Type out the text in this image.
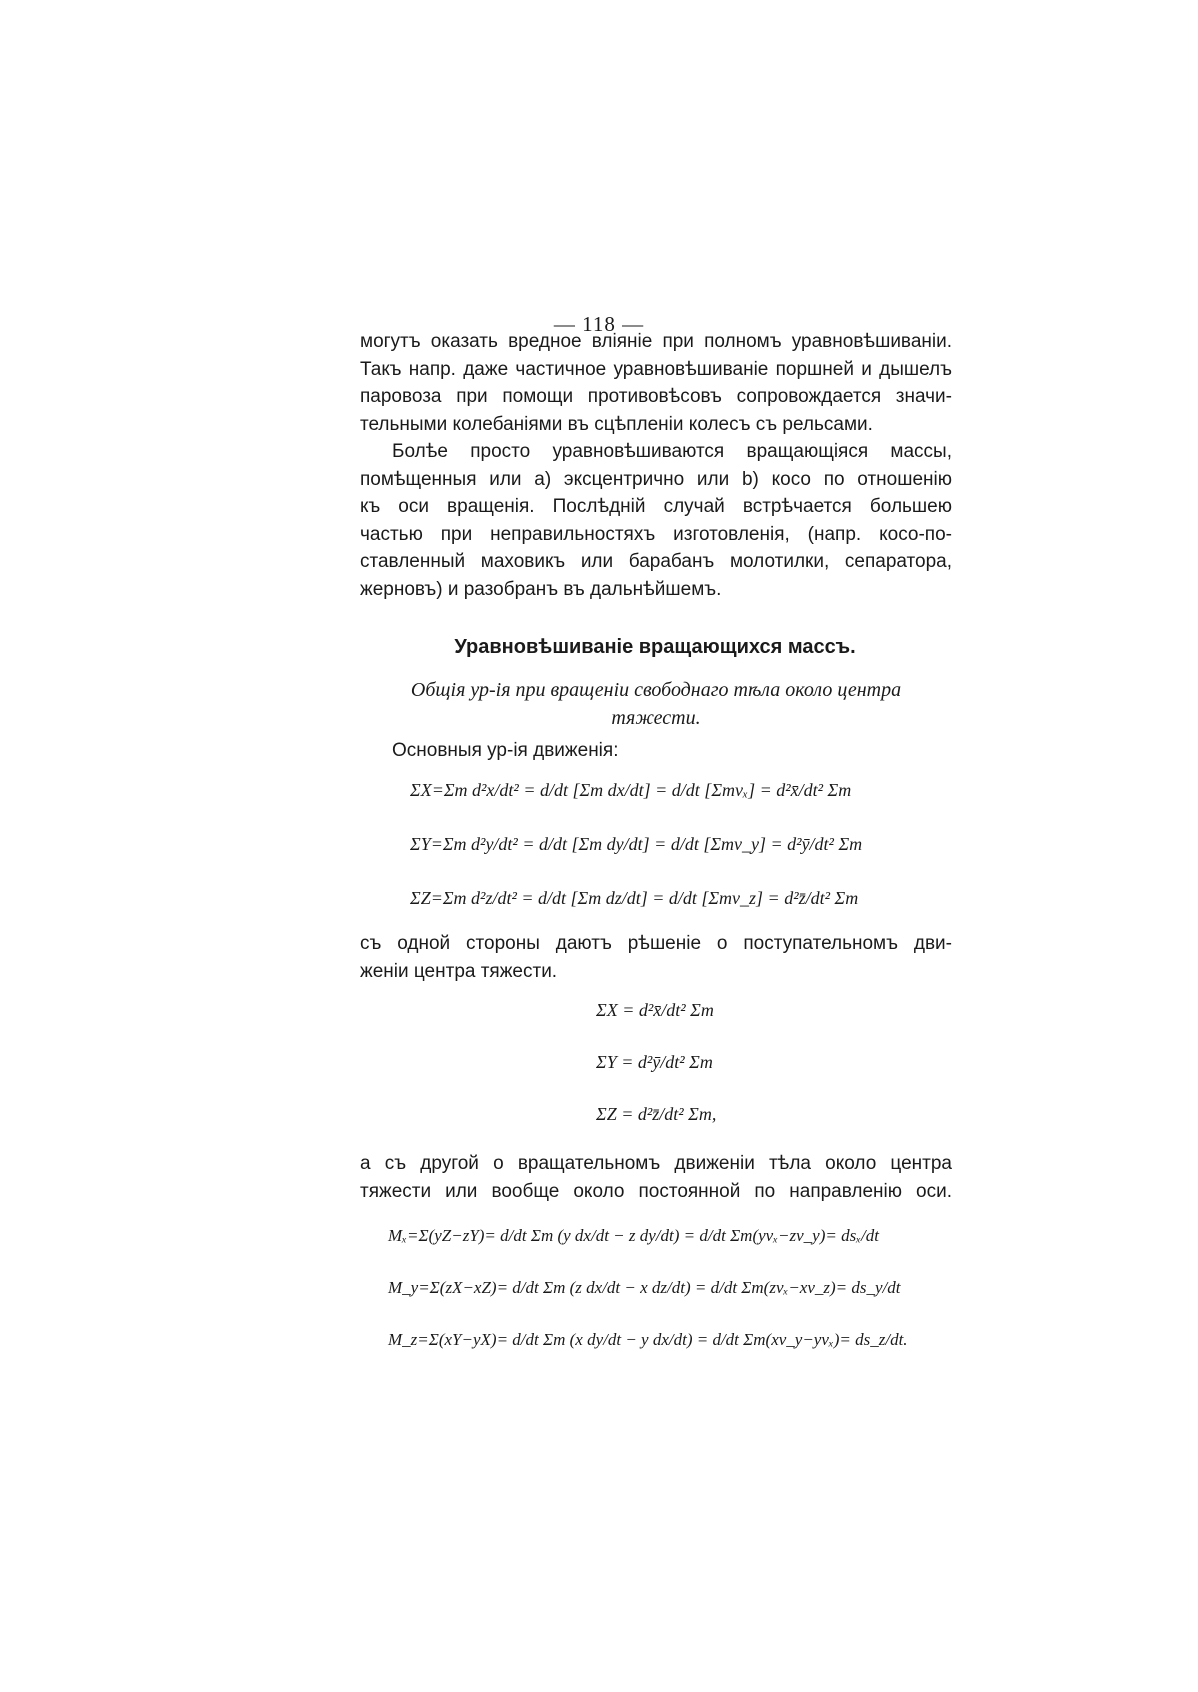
— 118 —
могутъ оказать вредное вліяніе при полномъ уравновѣшиваніи.
Такъ напр. даже частичное уравновѣшиваніе поршней и дышелъ
паровоза при помощи противовѣсовъ сопровождается значи-
тельными колебаніями въ сцѣпленіи колесъ съ рельсами.
Болѣе просто уравновѣшиваются вращающіяся массы,
помѣщенныя или a) эксцентрично или b) косо по отношенію
къ оси вращенія. Послѣдній случай встрѣчается большею
частью при неправильностяхъ изготовленія, (напр. косо-по-
ставленный маховикъ или барабанъ молотилки, сепаратора,
жерновъ) и разобранъ въ дальнѣйшемъ.
Уравновѣшиваніе вращающихся массъ.
Общія ур-ія при вращеніи свободнаго тѣла около центра
тяжести.
Основныя ур-ія движенія:
ΣX=Σm d²x/dt² = d/dt [Σm dx/dt] = d/dt [Σmvₓ] = d²x̄/dt² Σm
ΣY=Σm d²y/dt² = d/dt [Σm dy/dt] = d/dt [Σmv_y] = d²ȳ/dt² Σm
ΣZ=Σm d²z/dt² = d/dt [Σm dz/dt] = d/dt [Σmv_z] = d²z̄/dt² Σm
съ одной стороны даютъ рѣшеніе о поступательномъ дви-
женіи центра тяжести.
ΣX = d²x̄/dt² Σm
ΣY = d²ȳ/dt² Σm
ΣZ = d²z̄/dt² Σm,
а съ другой о вращательномъ движеніи тѣла около центра
тяжести или вообще около постоянной по направленію оси.
Mₓ=Σ(yZ−zY)= d/dt Σm (y dx/dt − z dy/dt) = d/dt Σm(yvₓ−zv_y)= dsₓ/dt
M_y=Σ(zX−xZ)= d/dt Σm (z dx/dt − x dz/dt) = d/dt Σm(zvₓ−xv_z)= ds_y/dt
M_z=Σ(xY−yX)= d/dt Σm (x dy/dt − y dx/dt) = d/dt Σm(xv_y−yvₓ)= ds_z/dt.
